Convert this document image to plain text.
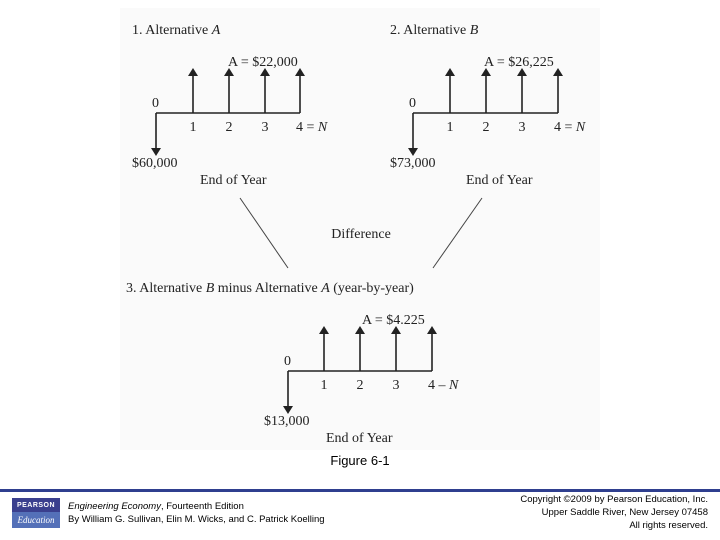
1. Alternative A
A = $22,000
0
1 2 3 4 = N
$60,000
End of Year
2. Alternative B
A = $26,225
0
1 2 3 4 = N
$73,000
End of Year
Difference
3. Alternative B minus Alternative A (year-by-year)
A = $4.225
0
1 2 3 4 – N
$13,000
End of Year
Figure 6-1
PEARSON
Education
Engineering Economy, Fourteenth Edition
By William G. Sullivan, Elin M. Wicks, and C. Patrick Koelling
Copyright ©2009 by Pearson Education, Inc.
Upper Saddle River, New Jersey 07458
All rights reserved.
